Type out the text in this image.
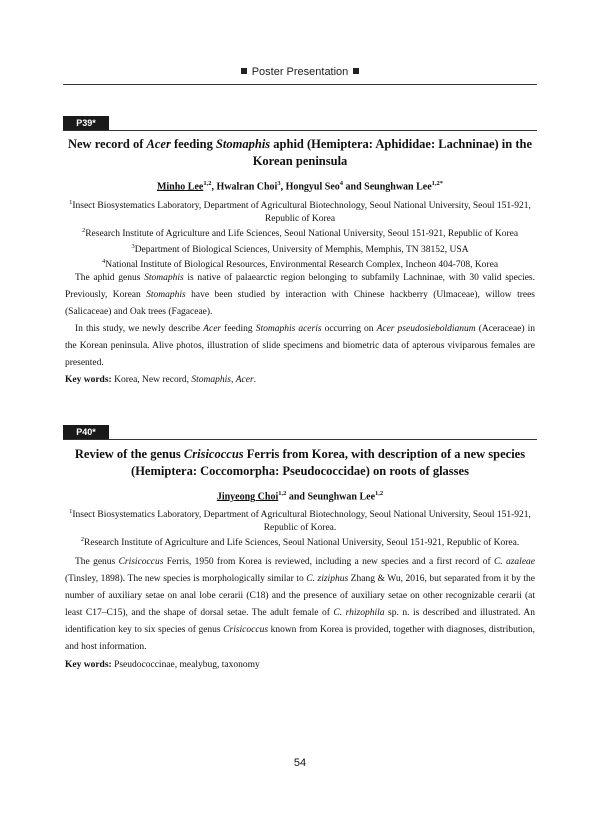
Poster Presentation
P39*
New record of Acer feeding Stomaphis aphid (Hemiptera: Aphididae: Lachninae) in the Korean peninsula
Minho Lee$^{1,2}$, Hwalran Choi$^3$, Hongyul Seo$^4$ and Seunghwan Lee$^{1,2*}$
$^1$Insect Biosystematics Laboratory, Department of Agricultural Biotechnology, Seoul National University, Seoul 151-921, Republic of Korea
$^2$Research Institute of Agriculture and Life Sciences, Seoul National University, Seoul 151-921, Republic of Korea
$^3$Department of Biological Sciences, University of Memphis, Memphis, TN 38152, USA
$^4$National Institute of Biological Resources, Environmental Research Complex, Incheon 404-708, Korea

The aphid genus Stomaphis is native of palaearctic region belonging to subfamily Lachninae, with 30 valid species. Previously, Korean Stomaphis have been studied by interaction with Chinese hackberry (Ulmaceae), willow trees (Salicaceae) and Oak trees (Fagaceae).

In this study, we newly describe Acer feeding Stomaphis aceris occurring on Acer pseudosieboldianum (Aceraceae) in the Korean peninsula. Alive photos, illustration of slide specimens and biometric data of apterous viviparous females are presented.

Key words: Korea, New record, Stomaphis, Acer.
P40*
Review of the genus Crisicoccus Ferris from Korea, with description of a new species (Hemiptera: Coccomorpha: Pseudococcidae) on roots of glasses
Jinyeong Choi$^{1,2}$ and Seunghwan Lee$^{1,2}$
$^1$Insect Biosystematics Laboratory, Department of Agricultural Biotechnology, Seoul National University, Seoul 151-921, Republic of Korea.
$^2$Research Institute of Agriculture and Life Sciences, Seoul National University, Seoul 151-921, Republic of Korea.

The genus Crisicoccus Ferris, 1950 from Korea is reviewed, including a new species and a first record of C. azaleae (Tinsley, 1898). The new species is morphologically similar to C. ziziphus Zhang & Wu, 2016, but separated from it by the number of auxiliary setae on anal lobe cerarii (C18) and the presence of auxiliary setae on other recognizable cerarii (at least C17–C15), and the shape of dorsal setae. The adult female of C. rhizophila sp. n. is described and illustrated. An identification key to six species of genus Crisicoccus known from Korea is provided, together with diagnoses, distribution, and host information.

Key words: Pseudococcinae, mealybug, taxonomy
54
